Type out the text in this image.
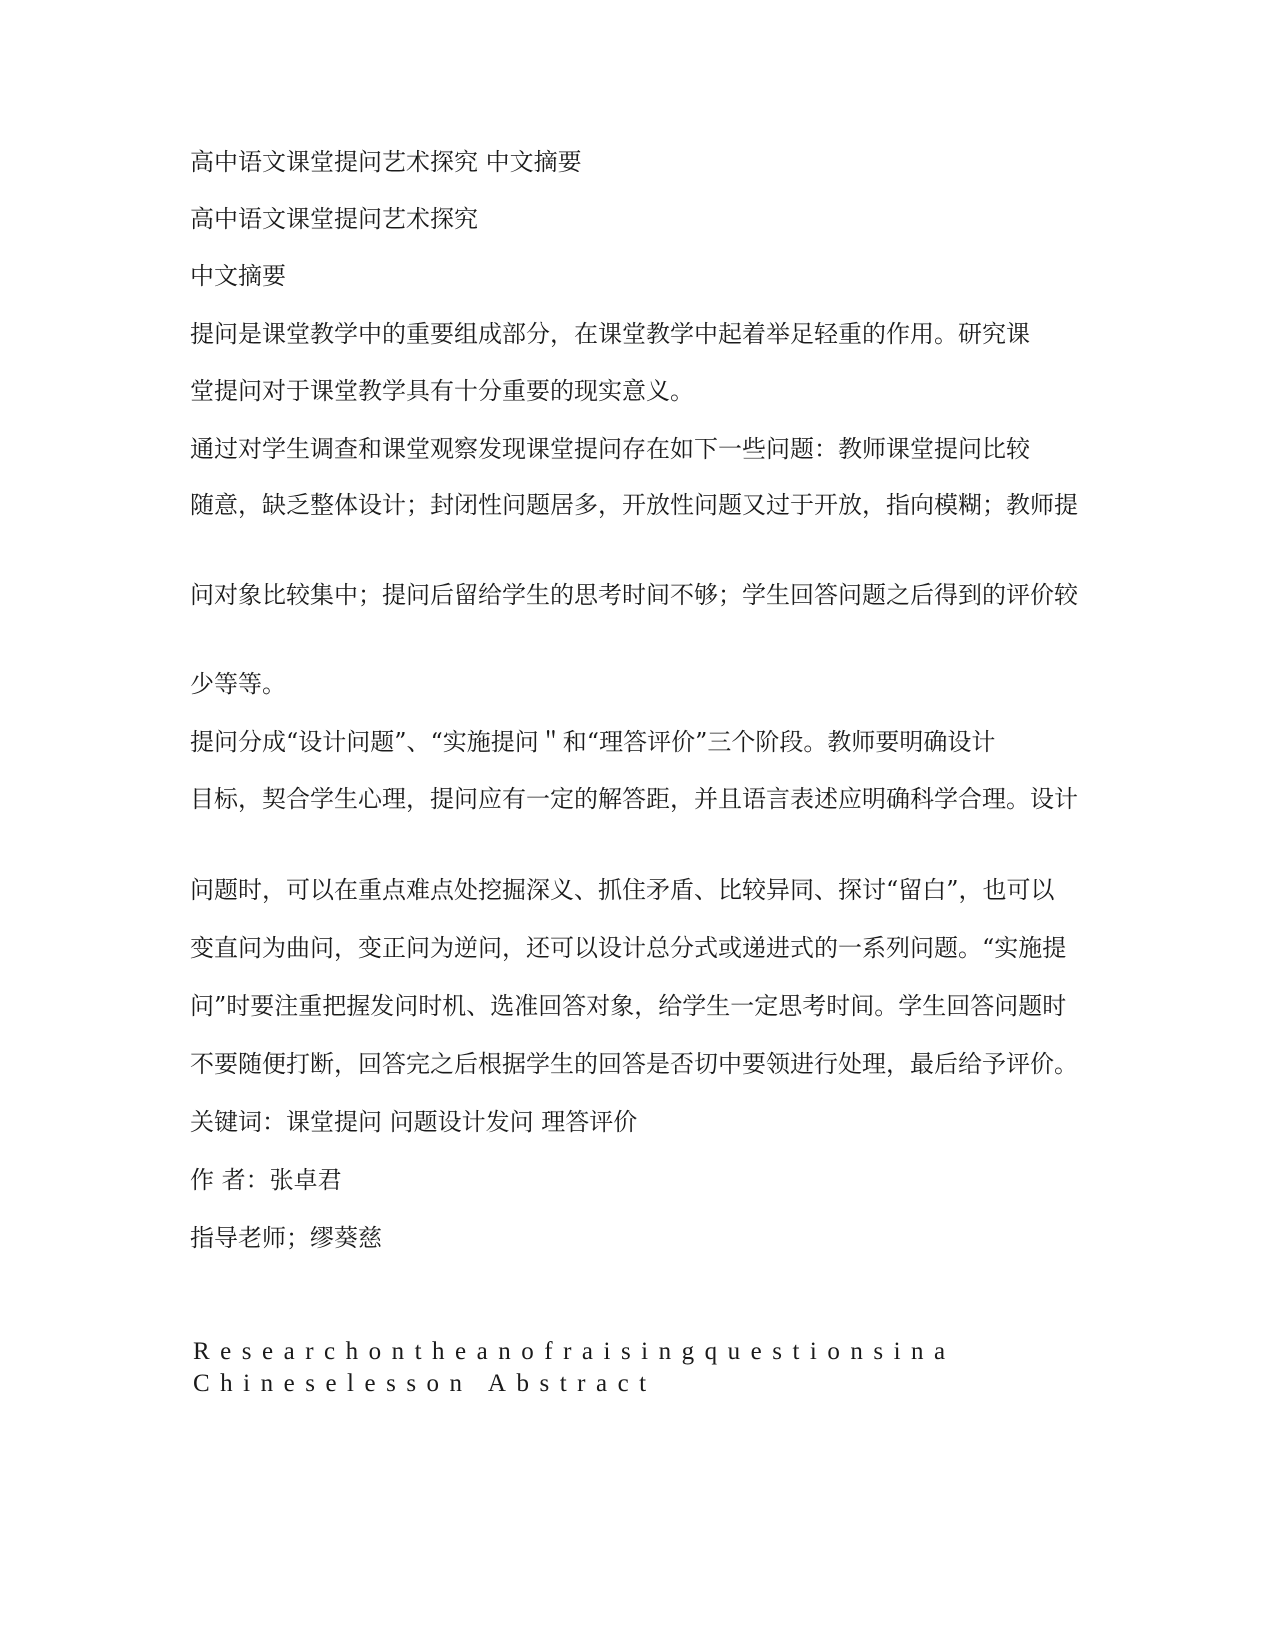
高中语文课堂提问艺术探究 中文摘要
高中语文课堂提问艺术探究
中文摘要
提问是课堂教学中的重要组成部分，在课堂教学中起着举足轻重的作用。研究课
堂提问对于课堂教学具有十分重要的现实意义。
通过对学生调查和课堂观察发现课堂提问存在如下一些问题：教师课堂提问比较
随意，缺乏整体设计；封闭性问题居多，开放性问题又过于开放，指向模糊；教师提
问对象比较集中；提问后留给学生的思考时间不够；学生回答问题之后得到的评价较
少等等。
提问分成“设计问题”、“实施提问＂和“理答评价”三个阶段。教师要明确设计
目标，契合学生心理，提问应有一定的解答距，并且语言表述应明确科学合理。设计
问题时，可以在重点难点处挖掘深义、抓住矛盾、比较异同、探讨“留白”，也可以
变直问为曲问，变正问为逆问，还可以设计总分式或递进式的一系列问题。“实施提
问”时要注重把握发问时机、选准回答对象，给学生一定思考时间。学生回答问题时
不要随便打断，回答完之后根据学生的回答是否切中要领进行处理，最后给予评价。
关键词：课堂提问 问题设计发问 理答评价
作 者：张卓君
指导老师；缪葵慈
Researchontheanofraisingquestionsina
Chineselesson Abstract
